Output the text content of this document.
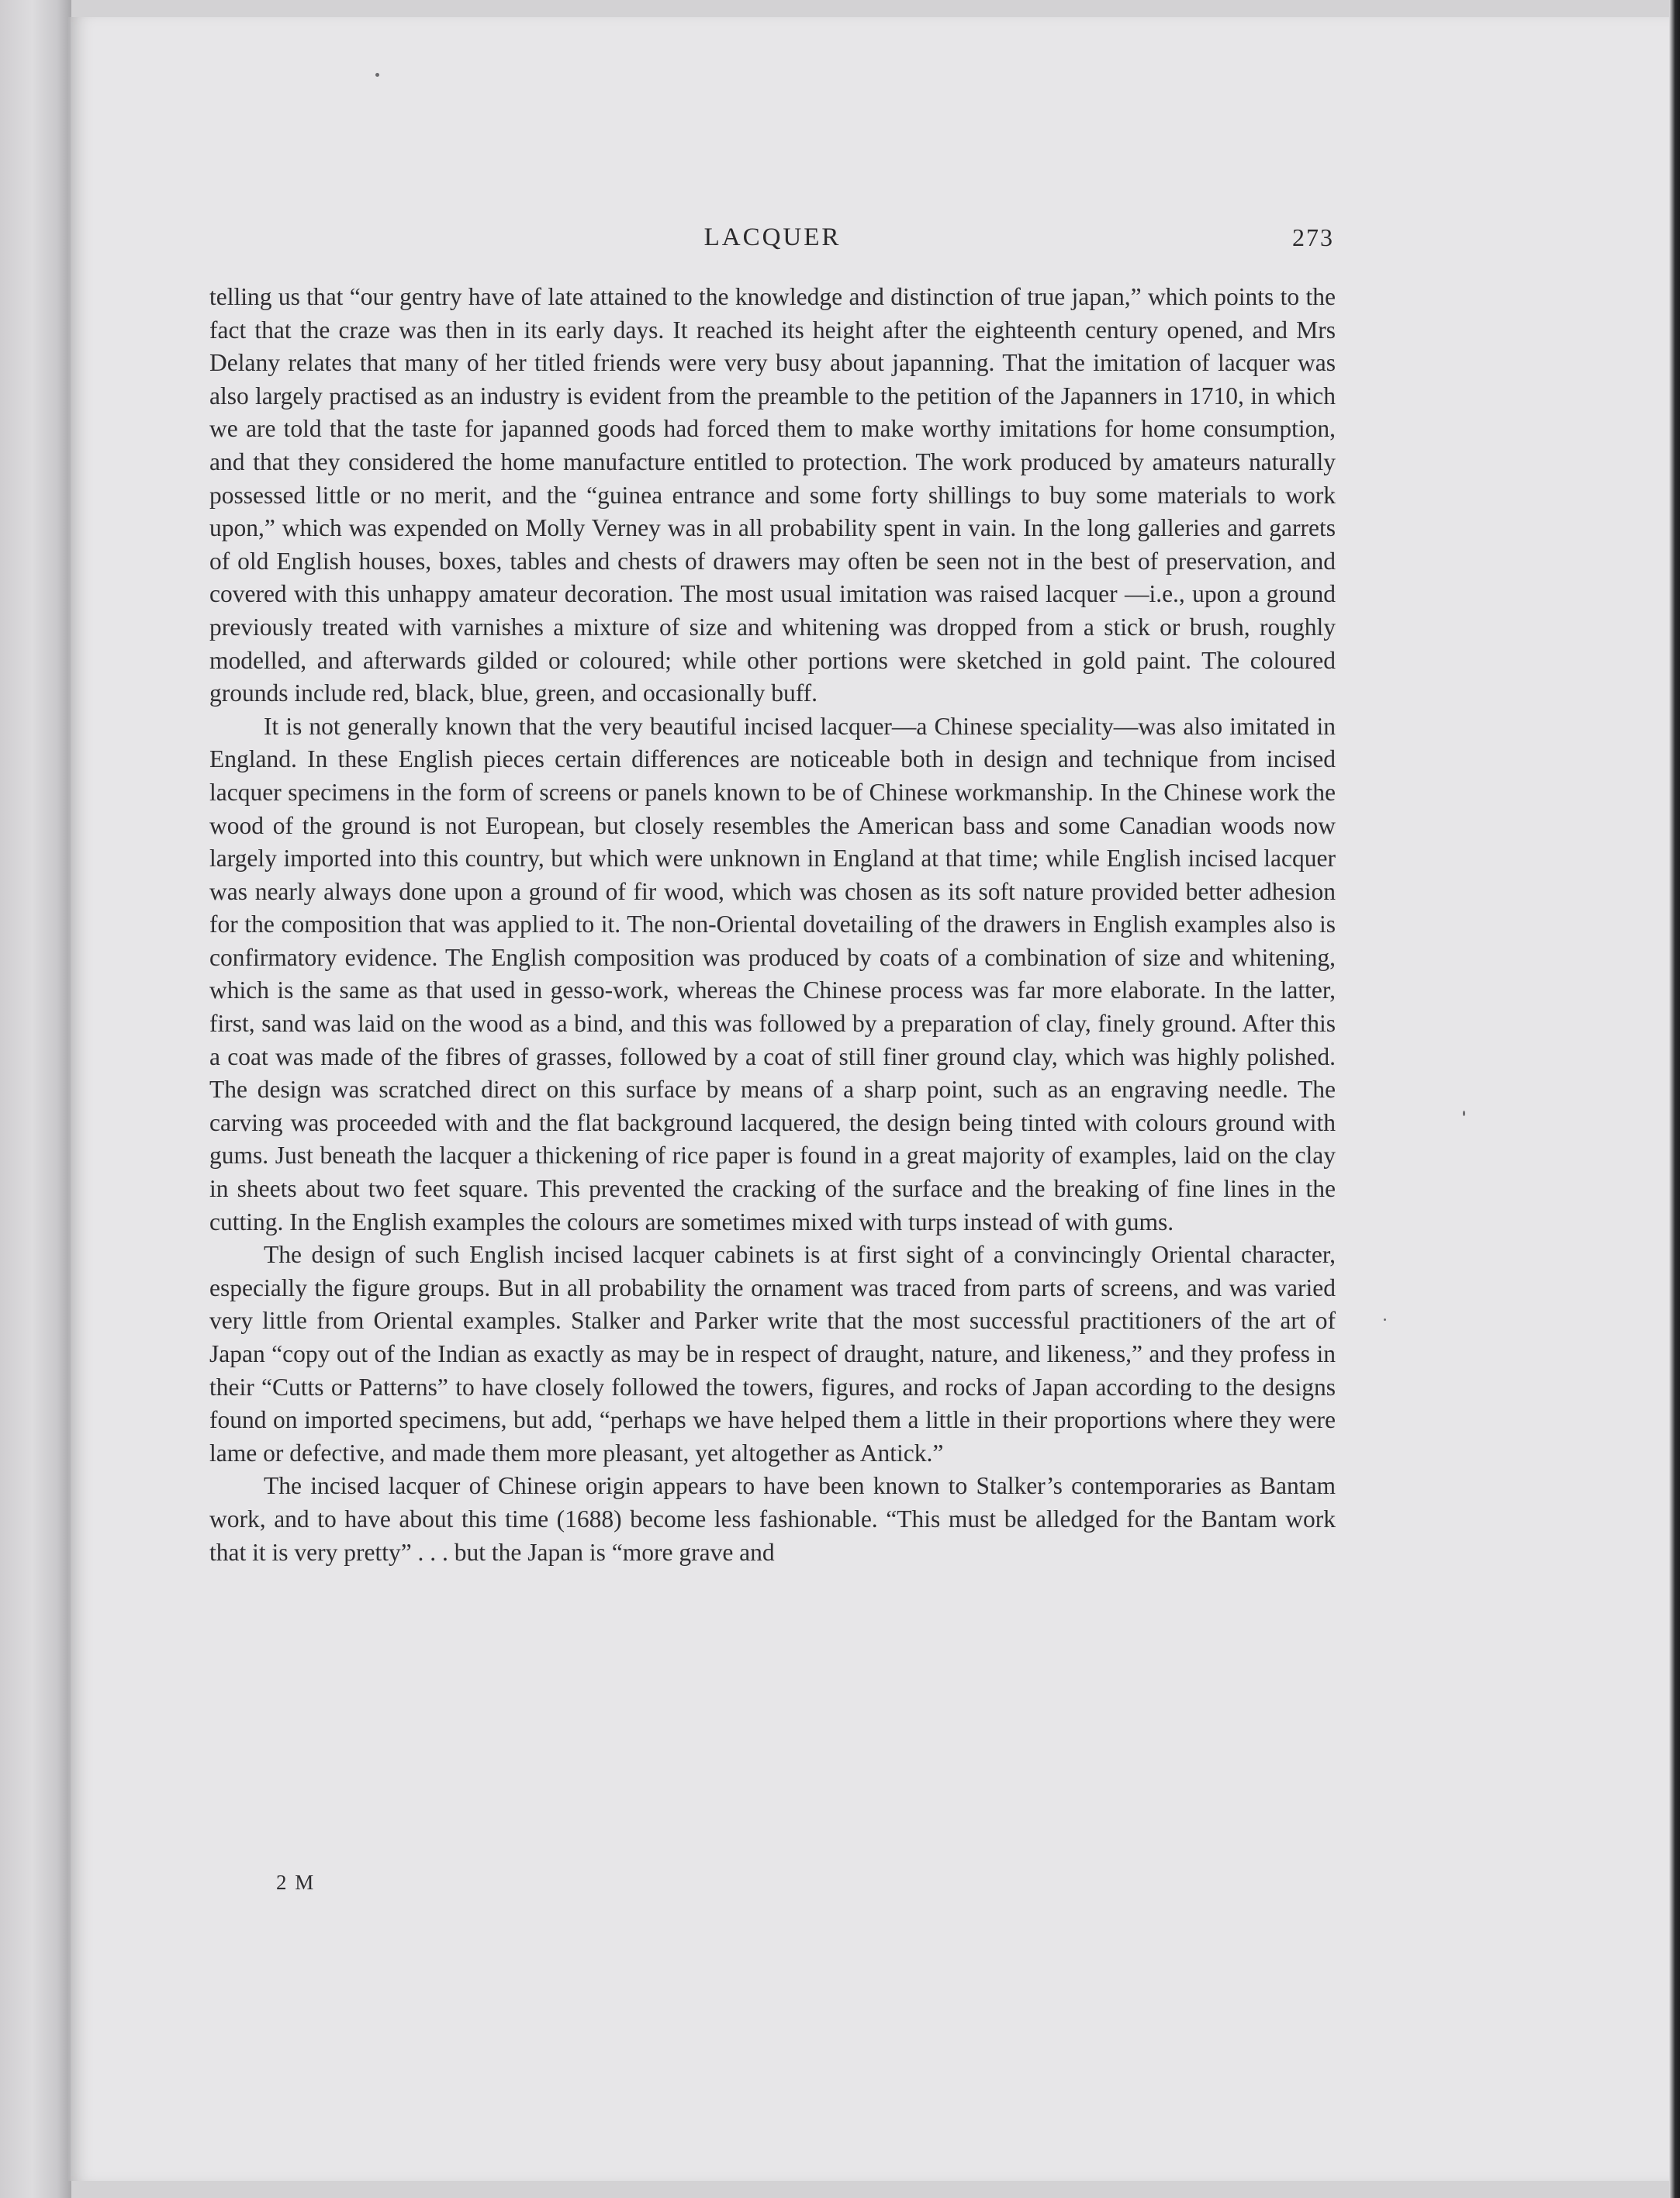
LACQUER	273

telling us that “our gentry have of late attained to the knowledge and distinction of true japan,” which points to the fact that the craze was then in its early days. It reached its height after the eighteenth century opened, and Mrs Delany relates that many of her titled friends were very busy about japanning. That the imitation of lacquer was also largely practised as an industry is evident from the preamble to the petition of the Japanners in 1710, in which we are told that the taste for japanned goods had forced them to make worthy imitations for home consumption, and that they considered the home manufacture entitled to protection. The work produced by amateurs naturally possessed little or no merit, and the “guinea entrance and some forty shillings to buy some materials to work upon,” which was expended on Molly Verney was in all probability spent in vain. In the long galleries and garrets of old English houses, boxes, tables and chests of drawers may often be seen not in the best of preservation, and covered with this unhappy amateur decoration. The most usual imitation was raised lacquer —i.e., upon a ground previously treated with varnishes a mixture of size and whitening was dropped from a stick or brush, roughly modelled, and afterwards gilded or coloured; while other portions were sketched in gold paint. The coloured grounds include red, black, blue, green, and occasionally buff.

It is not generally known that the very beautiful incised lacquer—a Chinese speciality—was also imitated in England. In these English pieces certain differences are noticeable both in design and technique from incised lacquer specimens in the form of screens or panels known to be of Chinese workmanship. In the Chinese work the wood of the ground is not European, but closely resembles the American bass and some Canadian woods now largely imported into this country, but which were unknown in England at that time; while English incised lacquer was nearly always done upon a ground of fir wood, which was chosen as its soft nature provided better adhesion for the composition that was applied to it. The non-Oriental dovetailing of the drawers in English examples also is confirmatory evidence. The English composition was produced by coats of a combination of size and whitening, which is the same as that used in gesso-work, whereas the Chinese process was far more elaborate. In the latter, first, sand was laid on the wood as a bind, and this was followed by a preparation of clay, finely ground. After this a coat was made of the fibres of grasses, followed by a coat of still finer ground clay, which was highly polished. The design was scratched direct on this surface by means of a sharp point, such as an engraving needle. The carving was proceeded with and the flat background lacquered, the design being tinted with colours ground with gums. Just beneath the lacquer a thickening of rice paper is found in a great majority of examples, laid on the clay in sheets about two feet square. This prevented the cracking of the surface and the breaking of fine lines in the cutting. In the English examples the colours are sometimes mixed with turps instead of with gums.

The design of such English incised lacquer cabinets is at first sight of a convincingly Oriental character, especially the figure groups. But in all probability the ornament was traced from parts of screens, and was varied very little from Oriental examples. Stalker and Parker write that the most successful practitioners of the art of Japan “copy out of the Indian as exactly as may be in respect of draught, nature, and likeness,” and they profess in their “Cutts or Patterns” to have closely followed the towers, figures, and rocks of Japan according to the designs found on imported specimens, but add, “perhaps we have helped them a little in their proportions where they were lame or defective, and made them more pleasant, yet altogether as Antick.”

The incised lacquer of Chinese origin appears to have been known to Stalker’s contemporaries as Bantam work, and to have about this time (1688) become less fashionable. “This must be alledged for the Bantam work that it is very pretty” . . . but the Japan is “more grave and

2 M
